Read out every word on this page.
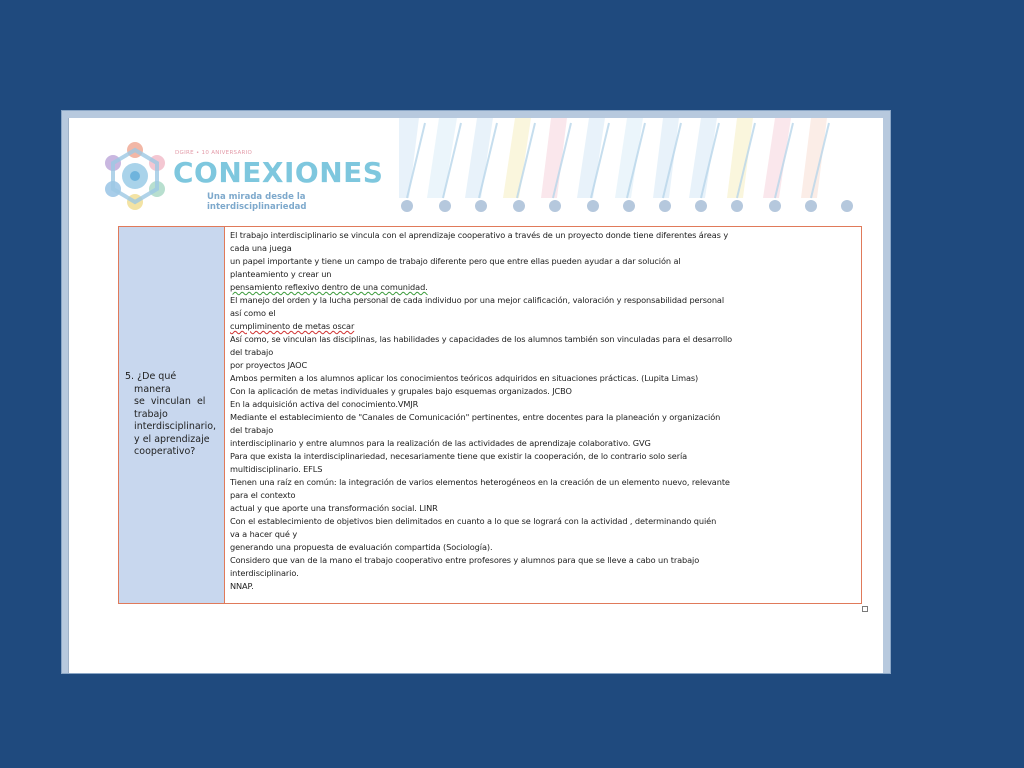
DGIRE • 10 ANIVERSARIO
CONEXIONES
Una mirada desde la interdisciplinariedad
5. ¿De qué
manera
se  vinculan  el
trabajo
interdisciplinario,
y el aprendizaje
cooperativo?
El trabajo interdisciplinario se vincula con el aprendizaje cooperativo a través de un proyecto donde tiene diferentes áreas y
cada una juega
un papel importante y tiene un campo de trabajo diferente pero que entre ellas pueden ayudar a dar solución al
planteamiento y crear un
pensamiento reflexivo dentro de una comunidad.
El manejo del orden y la lucha personal de cada individuo por una mejor calificación, valoración y responsabilidad personal
así como el
cumpliminento de metas oscar
Así como, se vinculan las disciplinas, las habilidades y capacidades de los alumnos también son vinculadas para el desarrollo
del trabajo
por proyectos JAOC
Ambos permiten a los alumnos aplicar los conocimientos teóricos adquiridos en situaciones prácticas. (Lupita Limas)
Con la aplicación de metas individuales y grupales bajo esquemas organizados. JCBO
En la adquisición activa del conocimiento.VMJR
Mediante el establecimiento de "Canales de Comunicación" pertinentes, entre docentes para la planeación y organización
del trabajo
interdisciplinario y entre alumnos para la realización de las actividades de aprendizaje colaborativo. GVG
Para que exista la interdisciplinariedad, necesariamente tiene que existir la cooperación, de lo contrario solo sería
multidisciplinario. EFLS
Tienen una raíz en común: la integración de varios elementos heterogéneos en la creación de un elemento nuevo, relevante
para el contexto
actual y que aporte una transformación social. LINR
Con el establecimiento de objetivos bien delimitados en cuanto a lo que se logrará con la actividad , determinando quién
va a hacer qué y
generando una propuesta de evaluación compartida (Sociología).
Considero que van de la mano el trabajo cooperativo entre profesores y alumnos para que se lleve a cabo un trabajo
interdisciplinario.
NNAP.
